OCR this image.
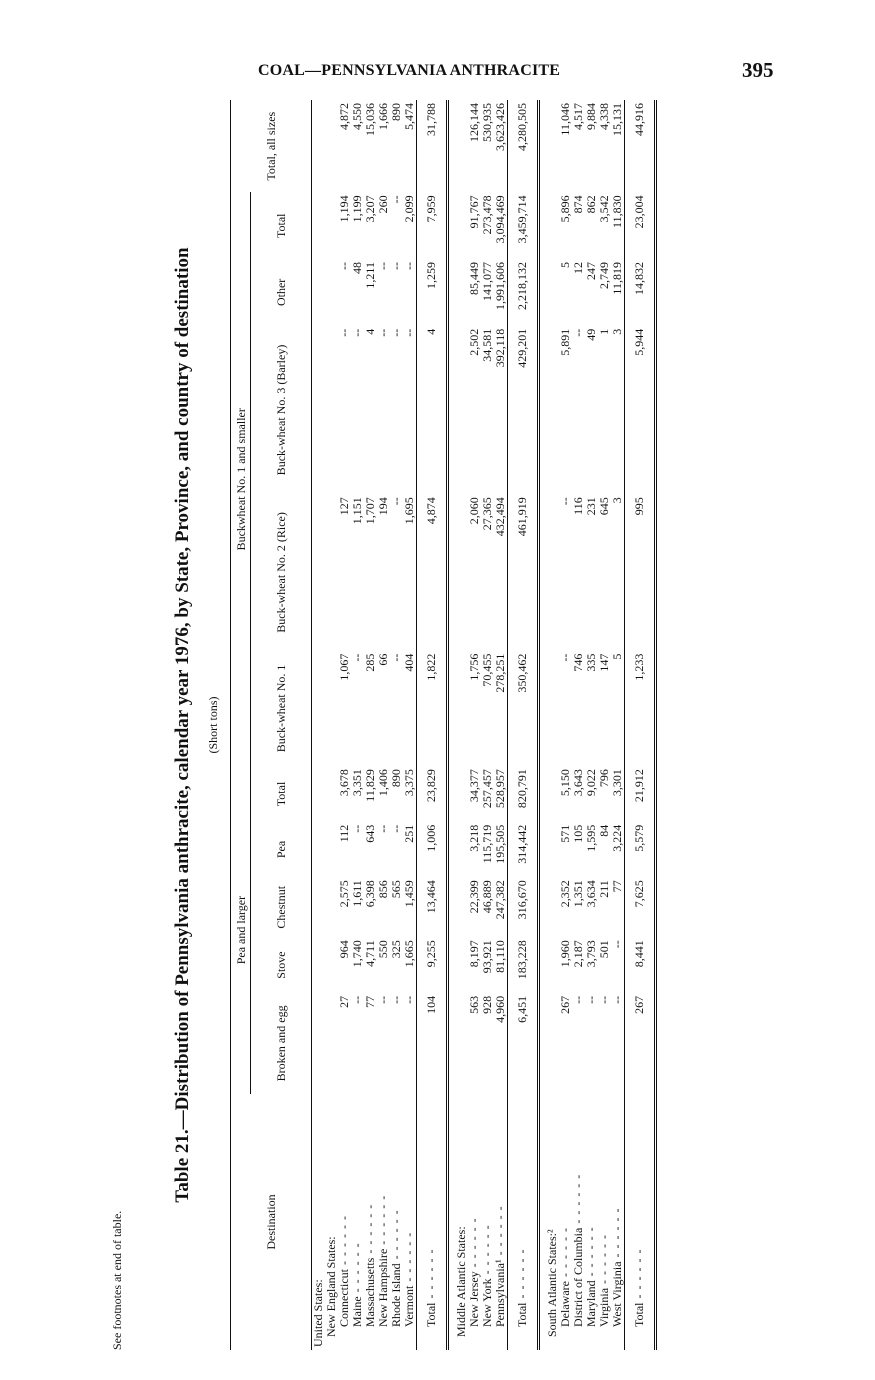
COAL—PENNSYLVANIA ANTHRACITE	395
See footnotes at end of table.
Table 21.—Distribution of Pennsylvania anthracite, calendar year 1976, by State, Province, and country of destination (Short tons)
Destination	Pea and larger					Buckwheat No. 1 and smaller					Total, all sizes
	Broken and egg	Stove	Chestnut	Pea	Total	Buck-wheat No. 1	Buck-wheat No. 2 (Rice)	Buck-wheat No. 3 (Barley)	Other	Total	
United States:											
New England States:											
Connecticut - - - - - -	27	964	2,575	112	3,678	1,067	127	--	--	1,194	4,872
Maine - - - - - -	--	1,740	1,611	--	3,351	--	1,151	--	48	1,199	4,550
Massachusetts - - - - - -	77	4,711	6,398	643	11,829	285	1,707	4	1,211	3,207	15,036
New Hampshire - - - - - -	--	550	856	--	1,406	66	194	--	--	260	1,666
Rhode Island - - - - - -	--	325	565	--	890	--	--	--	--	--	890
Vermont - - - - - -	--	1,665	1,459	251	3,375	404	1,695	--	--	2,099	5,474
Total - - - - - -	104	9,255	13,464	1,006	23,829	1,822	4,874	4	1,259	7,959	31,788

Middle Atlantic States:											
New Jersey - - - - - -	563	8,197	22,399	3,218	34,377	1,756	2,060	2,502	85,449	91,767	126,144
New York - - - - - -	928	93,921	46,889	115,719	257,457	70,455	27,365	34,581	141,077	273,478	530,935
Pennsylvania¹ - - - - - -	4,960	81,110	247,382	195,505	528,957	278,251	432,494	392,118	1,991,606	3,094,469	3,623,426
Total - - - - - -	6,451	183,228	316,670	314,442	820,791	350,462	461,919	429,201	2,218,132	3,459,714	4,280,505

South Atlantic States:²											
Delaware - - - - - -	267	1,960	2,352	571	5,150	--	--	5,891	5	5,896	11,046
District of Columbia - - - - - -	--	2,187	1,351	105	3,643	746	116	--	12	874	4,517
Maryland - - - - - -	--	3,793	3,634	1,595	9,022	335	231	49	247	862	9,884
Virginia - - - - - -	--	501	211	84	796	147	645	1	2,749	3,542	4,338
West Virginia - - - - - -	--	--	77	3,224	3,301	5	3	3	11,819	11,830	15,131
Total - - - - - -	267	8,441	7,625	5,579	21,912	1,233	995	5,944	14,832	23,004	44,916
